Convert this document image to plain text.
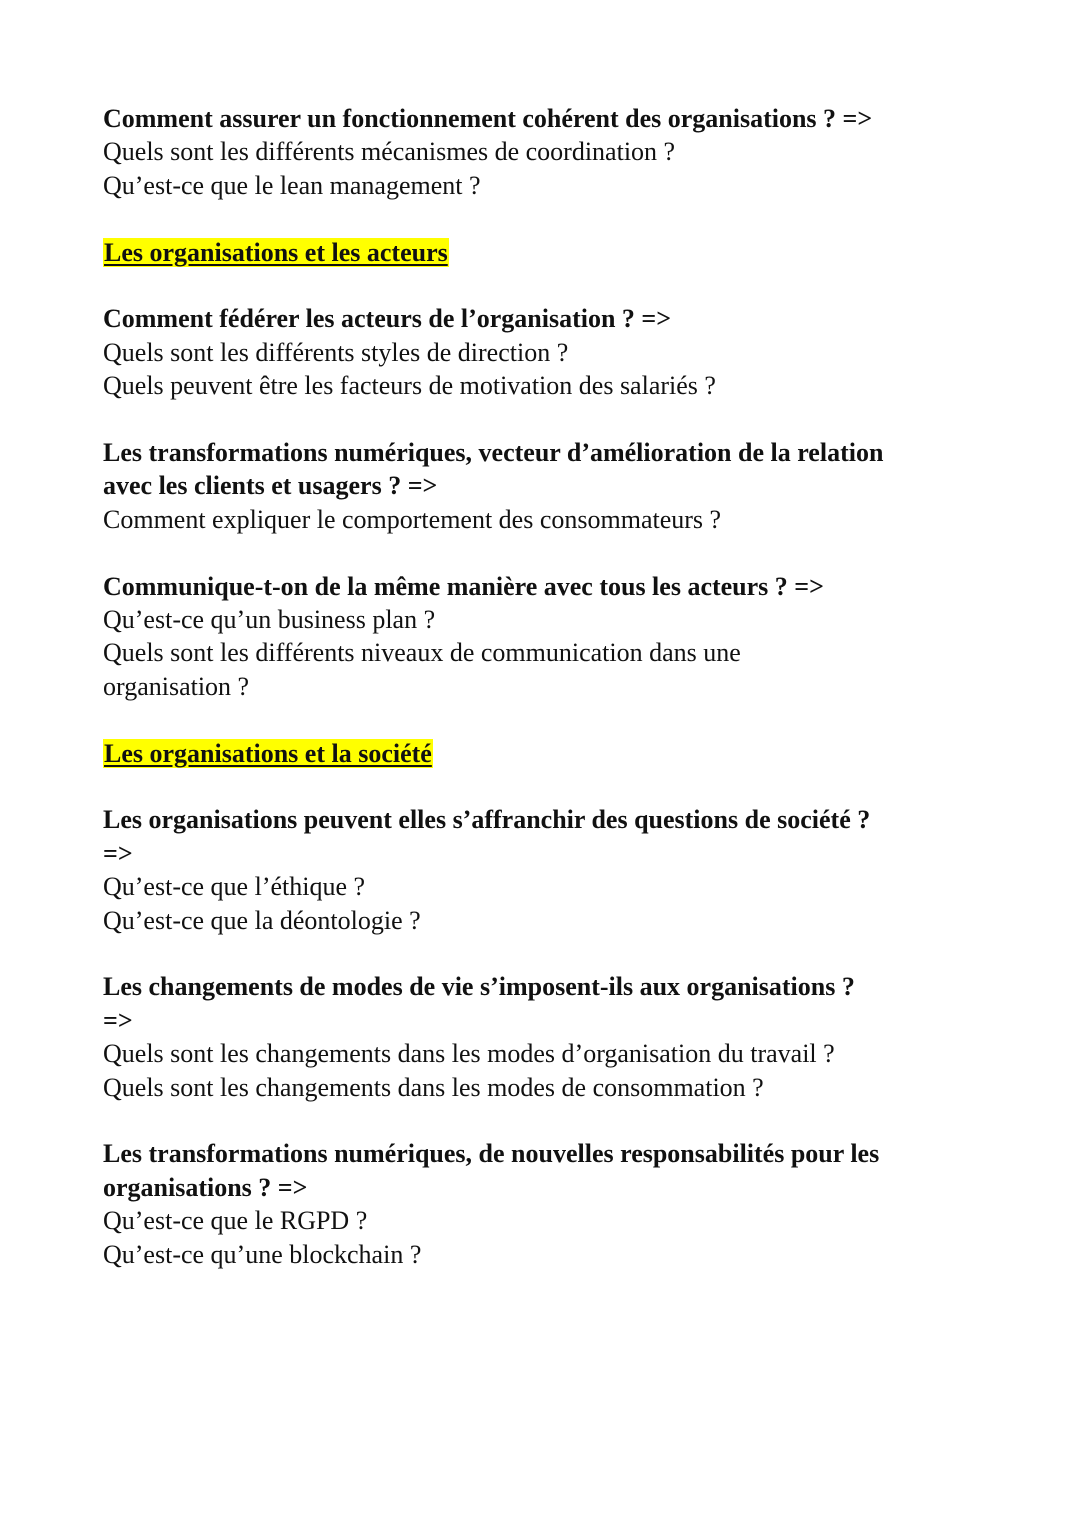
Comment assurer un fonctionnement cohérent des organisations ? =>
Quels sont les différents mécanismes de coordination ?
Qu’est-ce que le lean management ?
Les organisations et les acteurs
Comment fédérer les acteurs de l’organisation ? =>
Quels sont les différents styles de direction ?
Quels peuvent être les facteurs de motivation des salariés ?
Les transformations numériques, vecteur d’amélioration de la relation
avec les clients et usagers ? =>
Comment expliquer le comportement des consommateurs ?
Communique-t-on de la même manière avec tous les acteurs ? =>
Qu’est-ce qu’un business plan ?
Quels sont les différents niveaux de communication dans une
organisation ?
Les organisations et la société
Les organisations peuvent elles s’affranchir des questions de société ?
=>
Qu’est-ce que l’éthique ?
Qu’est-ce que la déontologie ?
Les changements de modes de vie s’imposent-ils aux organisations ?
=>
Quels sont les changements dans les modes d’organisation du travail ?
Quels sont les changements dans les modes de consommation ?
Les transformations numériques, de nouvelles responsabilités pour les
organisations ? =>
Qu’est-ce que le RGPD ?
Qu’est-ce qu’une blockchain ?
